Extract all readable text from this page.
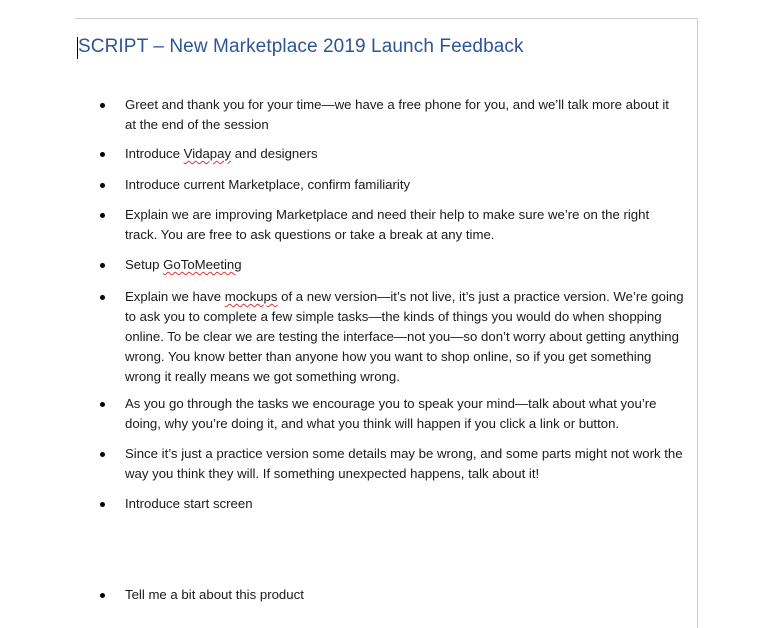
SCRIPT – New Marketplace 2019 Launch Feedback
Greet and thank you for your time—we have a free phone for you, and we’ll talk more about it
at the end of the session
Introduce Vidapay and designers
Introduce current Marketplace, confirm familiarity
Explain we are improving Marketplace and need their help to make sure we’re on the right
track. You are free to ask questions or take a break at any time.
Setup GoToMeeting
Explain we have mockups of a new version—it’s not live, it’s just a practice version. We’re going
to ask you to complete a few simple tasks—the kinds of things you would do when shopping
online. To be clear we are testing the interface—not you—so don’t worry about getting anything
wrong. You know better than anyone how you want to shop online, so if you get something
wrong it really means we got something wrong.
As you go through the tasks we encourage you to speak your mind—talk about what you’re
doing, why you’re doing it, and what you think will happen if you click a link or button.
Since it’s just a practice version some details may be wrong, and some parts might not work the
way you think they will. If something unexpected happens, talk about it!
Introduce start screen
Tell me a bit about this product
